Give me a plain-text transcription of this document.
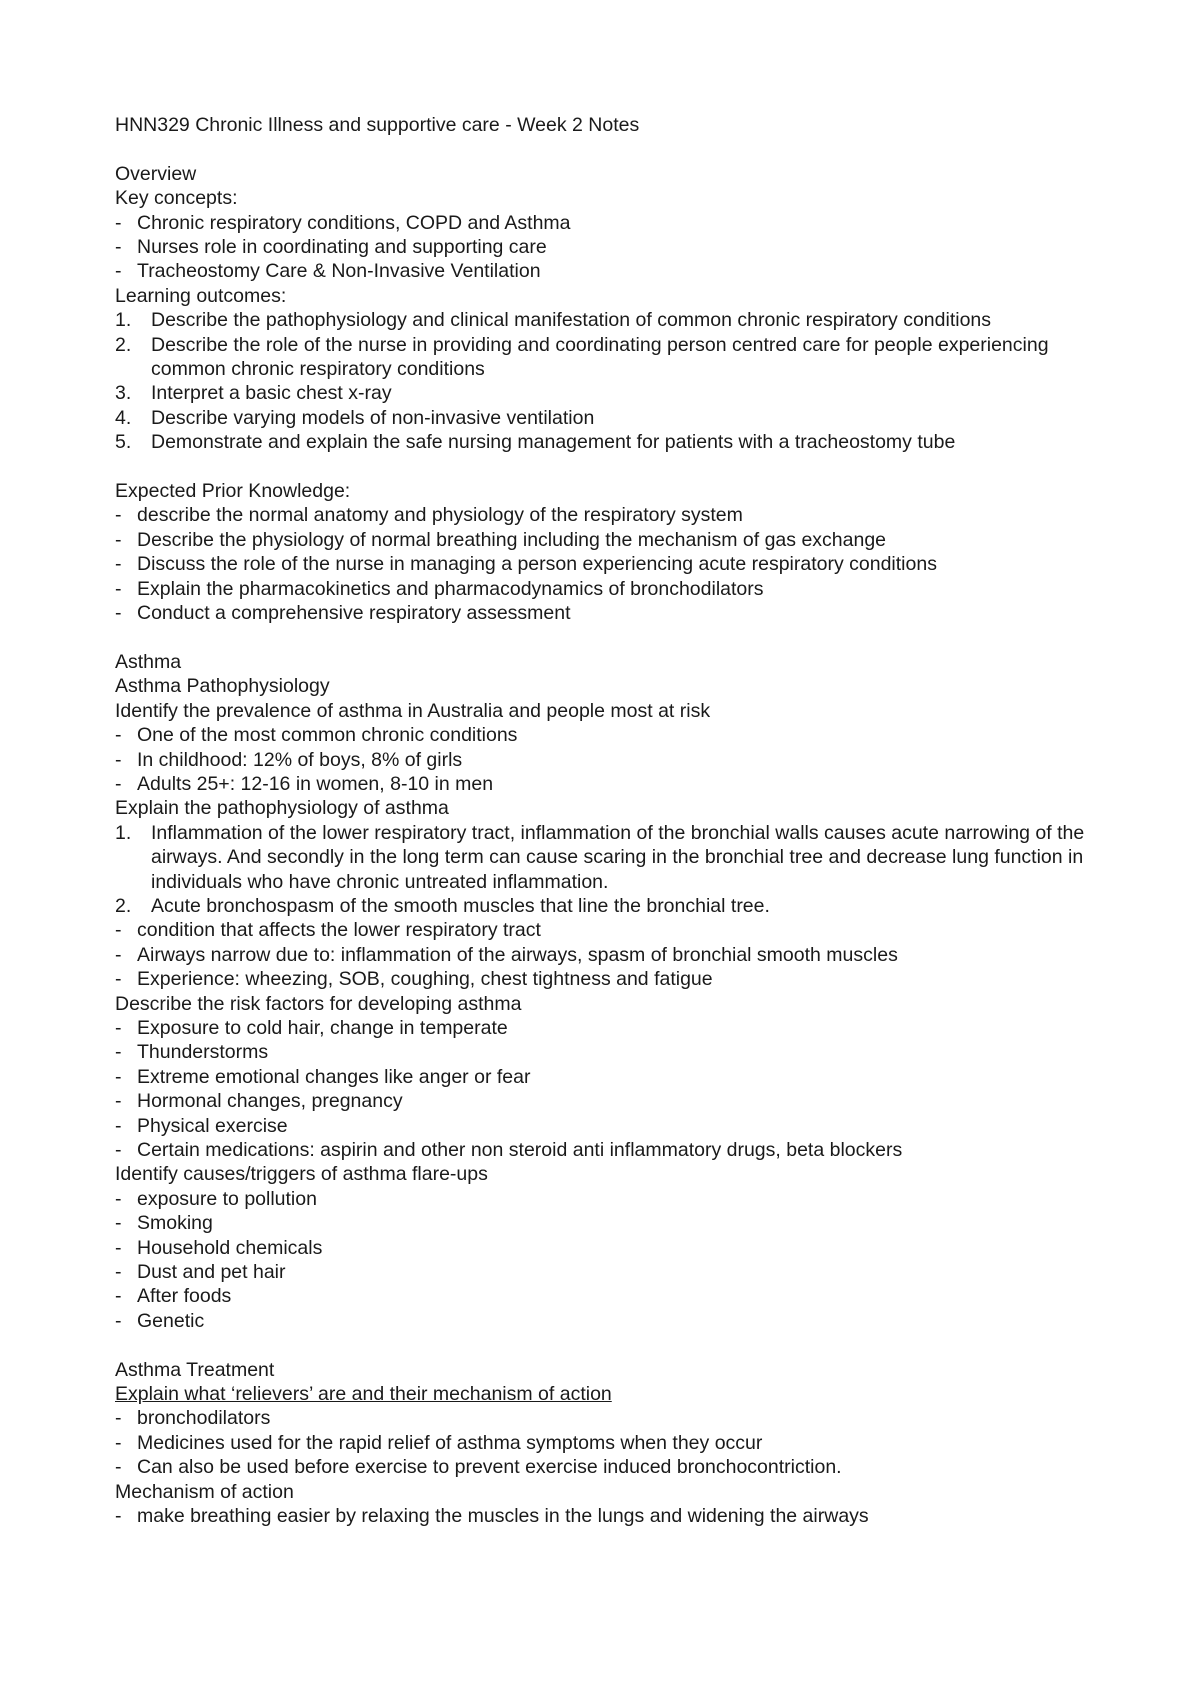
HNN329 Chronic Illness and supportive care - Week 2 Notes
Overview
Key concepts:
- Chronic respiratory conditions, COPD and Asthma
- Nurses role in coordinating and supporting care
- Tracheostomy Care & Non-Invasive Ventilation
Learning outcomes:
1.	Describe the pathophysiology and clinical manifestation of common chronic respiratory conditions
2.	Describe the role of the nurse in providing and coordinating person centred care for people experiencing common chronic respiratory conditions
3.	Interpret a basic chest x-ray
4.	Describe varying models of non-invasive ventilation
5.	Demonstrate and explain the safe nursing management for patients with a tracheostomy tube
Expected Prior Knowledge:
- describe the normal anatomy and physiology of the respiratory system
- Describe the physiology of normal breathing including the mechanism of gas exchange
- Discuss the role of the nurse in managing a person experiencing acute respiratory conditions
- Explain the pharmacokinetics and pharmacodynamics of bronchodilators
- Conduct a comprehensive respiratory assessment
Asthma
Asthma Pathophysiology
Identify the prevalence of asthma in Australia and people most at risk
- One of the most common chronic conditions
- In childhood: 12% of boys, 8% of girls
- Adults 25+: 12-16 in women, 8-10 in men
Explain the pathophysiology of asthma
1.	Inflammation of the lower respiratory tract, inflammation of the bronchial walls causes acute narrowing of the airways. And secondly in the long term can cause scaring in the bronchial tree and decrease lung function in individuals who have chronic untreated inflammation.
2.	Acute bronchospasm of the smooth muscles that line the bronchial tree.
- condition that affects the lower respiratory tract
- Airways narrow due to: inflammation of the airways, spasm of bronchial smooth muscles
- Experience: wheezing, SOB, coughing, chest tightness and fatigue
Describe the risk factors for developing asthma
- Exposure to cold hair, change in temperate
- Thunderstorms
- Extreme emotional changes like anger or fear
- Hormonal changes, pregnancy
- Physical exercise
- Certain medications: aspirin and other non steroid anti inflammatory drugs, beta blockers
Identify causes/triggers of asthma flare-ups
- exposure to pollution
- Smoking
- Household chemicals
- Dust and pet hair
- After foods
- Genetic
Asthma Treatment
Explain what ‘relievers’ are and their mechanism of action
- bronchodilators
- Medicines used for the rapid relief of asthma symptoms when they occur
- Can also be used before exercise to prevent exercise induced bronchocontriction.
Mechanism of action
- make breathing easier by relaxing the muscles in the lungs and widening the airways
